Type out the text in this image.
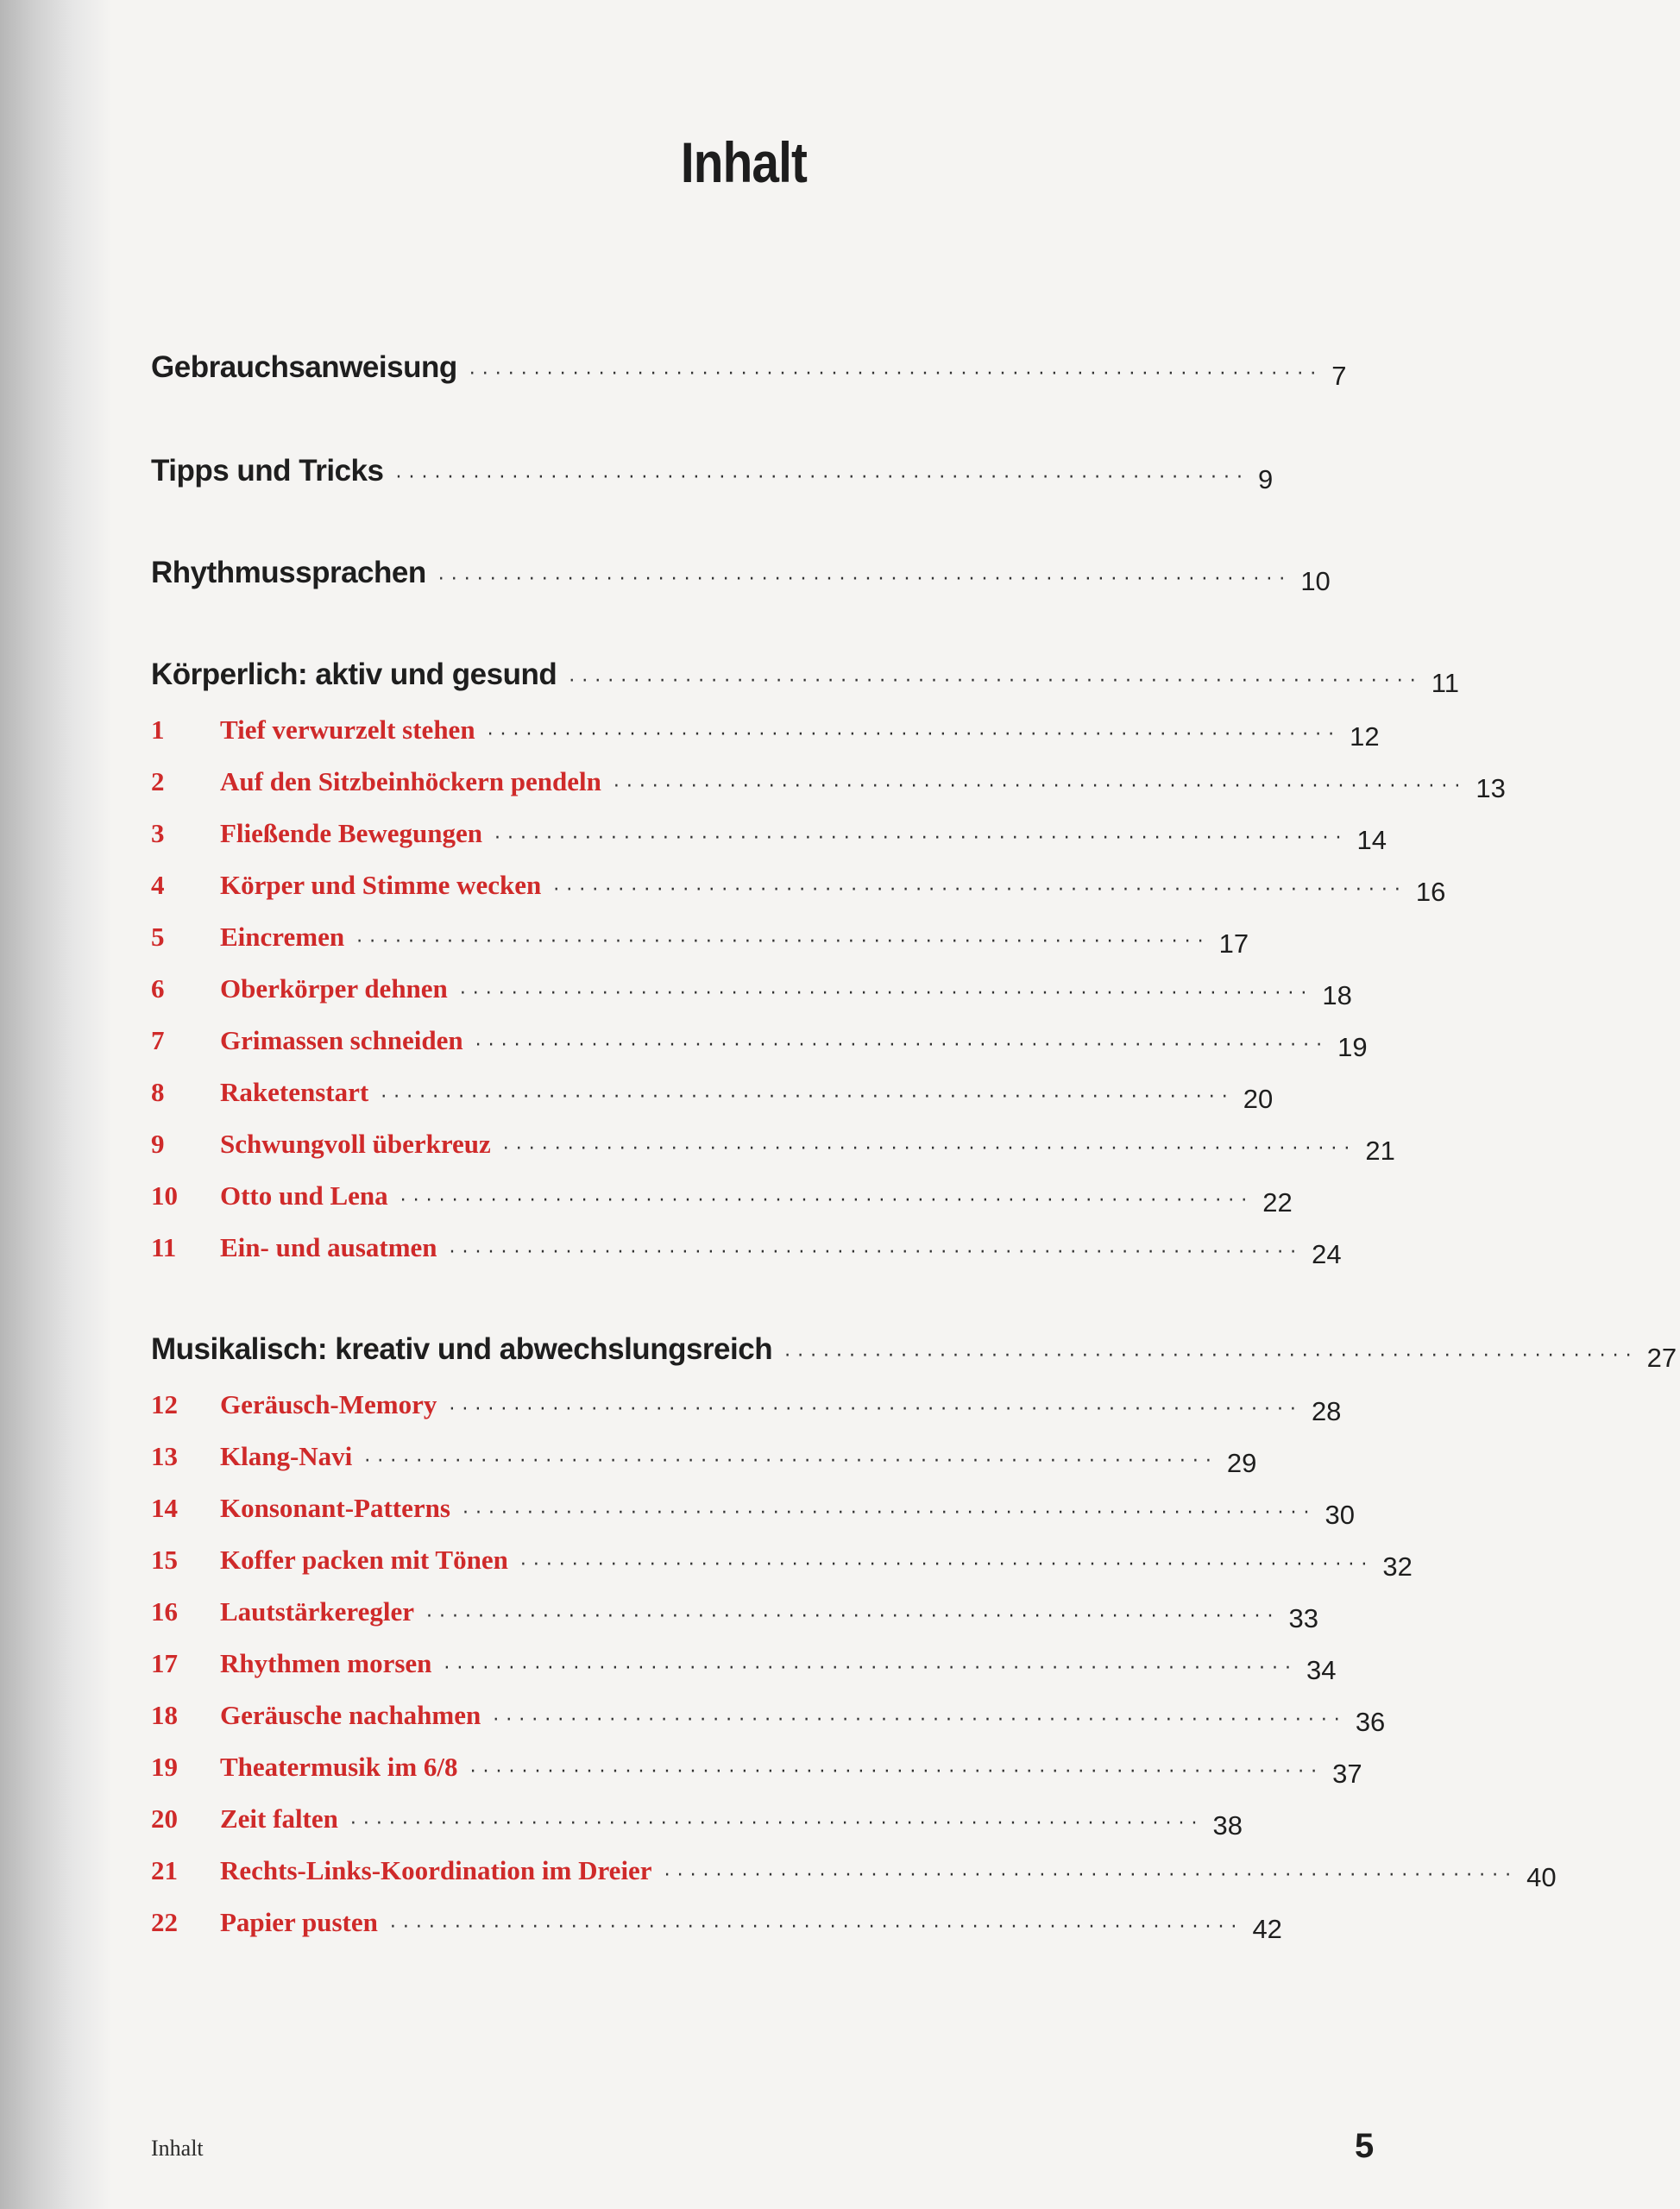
Inhalt
Gebrauchsanweisung ·································································· 7
Tipps und Tricks ·································································· 9
Rhythmussprachen ·································································· 10
Körperlich: aktiv und gesund ·································································· 11
1	Tief verwurzelt stehen ·································································· 12
2	Auf den Sitzbeinhöckern pendeln ·································································· 13
3	Fließende Bewegungen ·································································· 14
4	Körper und Stimme wecken ·································································· 16
5	Eincremen ·································································· 17
6	Oberkörper dehnen ·································································· 18
7	Grimassen schneiden ·································································· 19
8	Raketenstart ·································································· 20
9	Schwungvoll überkreuz ·································································· 21
10	Otto und Lena ·································································· 22
11	Ein- und ausatmen ·································································· 24
Musikalisch: kreativ und abwechslungsreich ·································································· 27
12	Geräusch-Memory ·································································· 28
13	Klang-Navi ·································································· 29
14	Konsonant-Patterns ·································································· 30
15	Koffer packen mit Tönen ·································································· 32
16	Lautstärkeregler ·································································· 33
17	Rhythmen morsen ·································································· 34
18	Geräusche nachahmen ·································································· 36
19	Theatermusik im 6/8 ·································································· 37
20	Zeit falten ·································································· 38
21	Rechts-Links-Koordination im Dreier ·································································· 40
22	Papier pusten ·································································· 42
Inhalt	5
